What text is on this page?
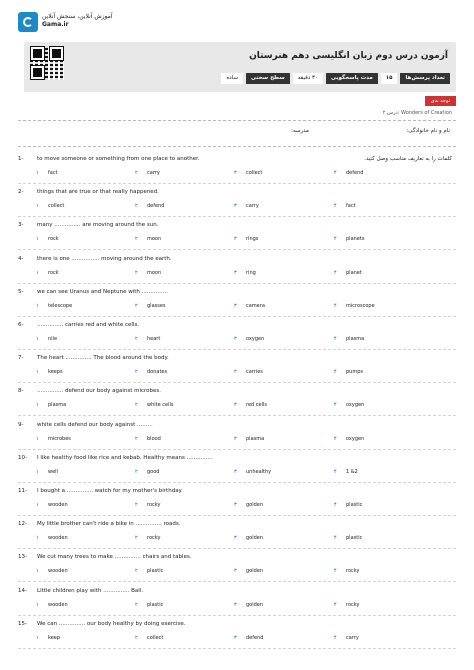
آموزش آنلاین، سنجش آنلاین
Gama.ir
آزمون درس دوم زبان انگلیسی دهم هنرستان
تعداد پرسش‌ها
۱۵
مدت پاسخگویی
۳۰ دقیقه
سطح سختی
ساده
توجه بدی
درس ۲: Wonders of Creation
نام و نام خانوادگی:
مدرسه:
کلمات را به تعاریف مناسب وصل کنید.
1- to move someone or something from one place to another.
۱ fact	۲ carry	۳ collect	۴ defend
2- things that are true or that really happened.
۱ collect	۲ defend	۳ carry	۴ fact
3- many ............... are moving around the sun.
۱ rock	۲ moon	۳ rings	۴ planets
4- there is one ................ moving around the earth.
۱ rock	۲ moon	۳ ring	۴ planet
5- we can see Uranus and Neptune with ...............
۱ telescope	۲ glasses	۳ camera	۴ microscope
6- ............... carries red and white cells.
۱ nile	۲ heart	۳ oxygen	۴ plasma
7- The heart ............... The blood around the body.
۱ keeps	۲ donates	۳ carries	۴ pumps
8- ............... defend our body against microbes.
۱ plasma	۲ white cells	۳ red cells	۴ oxygen
9- white cells defend our body against .........
۱ microbes	۲ blood	۳ plasma	۴ oxygen
10- I like healthy food like rice and kebab. Healthy means ...............
۱ well	۲ good	۳ unhealthy	۴ 1 &2
11- I bought a ............... watch for my mother's birthday.
۱ wooden	۲ rocky	۳ golden	۴ plastic
12- My little brother can't ride a bike in ............... roads.
۱ wooden	۲ rocky	۳ golden	۴ plastic
13- We cut many trees to make ............... chairs and tables.
۱ wooden	۲ plastic	۳ golden	۴ rocky
14- Little children play with ............... Ball.
۱ wooden	۲ plastic	۳ golden	۴ rocky
15- We can ............... our body healthy by doing exercise.
۱ keep	۲ collect	۳ defend	۴ carry
